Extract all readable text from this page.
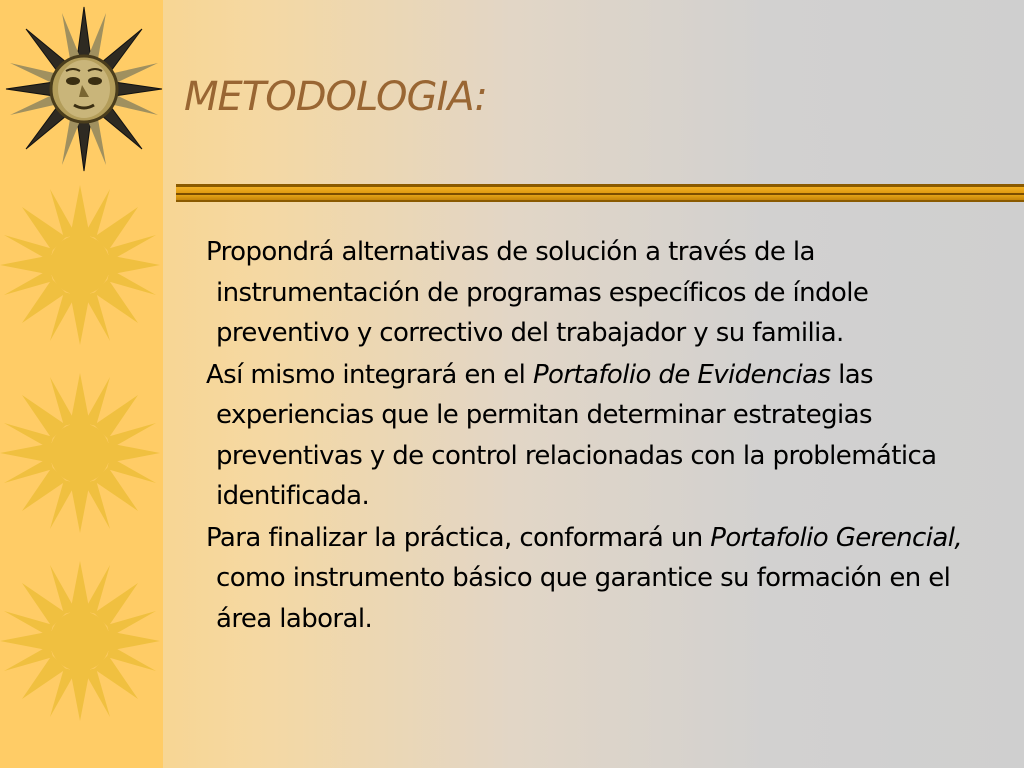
METODOLOGIA:

Propondrá alternativas de solución a través de la instrumentación de programas específicos de índole preventivo y correctivo del trabajador y su familia.

Así mismo integrará en el Portafolio de Evidencias las experiencias que le permitan determinar estrategias preventivas y de control relacionadas con la problemática identificada.

Para finalizar la práctica, conformará un Portafolio Gerencial, como instrumento básico que garantice su formación en el área laboral.
